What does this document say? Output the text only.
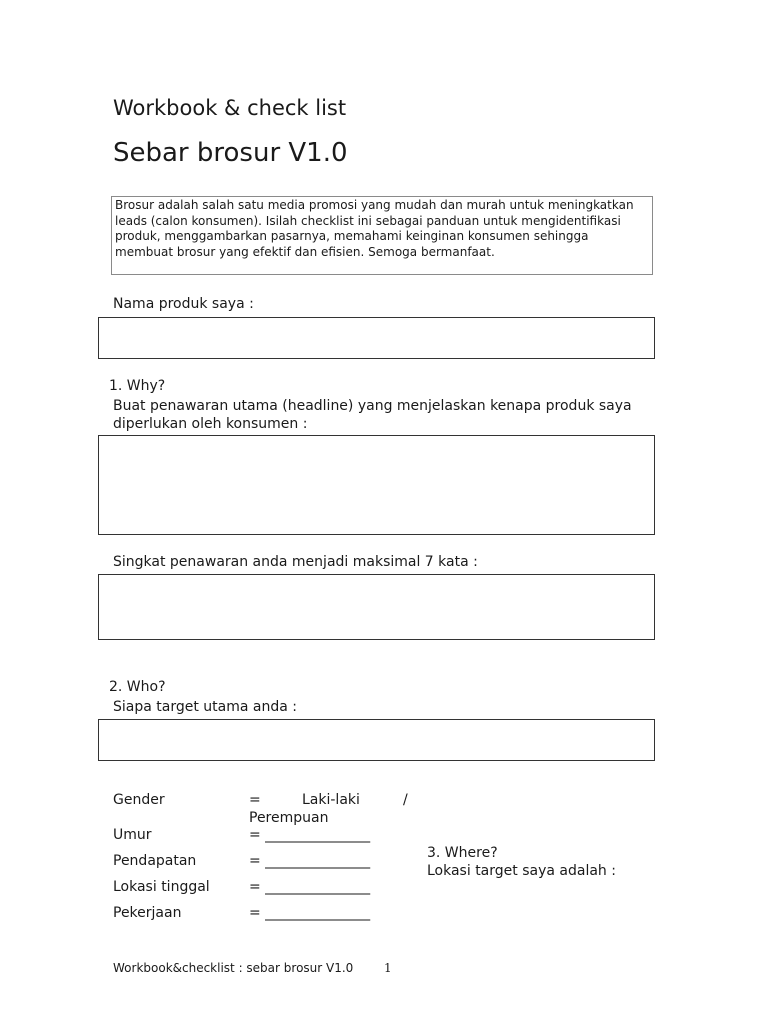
Workbook & check list
Sebar brosur V1.0
Brosur adalah salah satu media promosi yang mudah dan murah untuk meningkatkan leads (calon konsumen). Isilah checklist ini sebagai panduan untuk mengidentifikasi produk, menggambarkan pasarnya, memahami keinginan konsumen sehingga membuat brosur yang efektif dan efisien. Semoga bermanfaat.
Nama produk saya :
1. Why?
Buat penawaran utama (headline) yang menjelaskan kenapa produk saya diperlukan oleh konsumen :
Singkat penawaran anda menjadi maksimal 7 kata :
2. Who?
Siapa target utama anda :
Gender	=	Laki-laki	/
Perempuan
Umur	= _______________
Pendapatan	= _______________
Lokasi tinggal	= _______________
Pekerjaan	= _______________
3. Where?
Lokasi target saya adalah :
Workbook&checklist : sebar brosur V1.0	1
